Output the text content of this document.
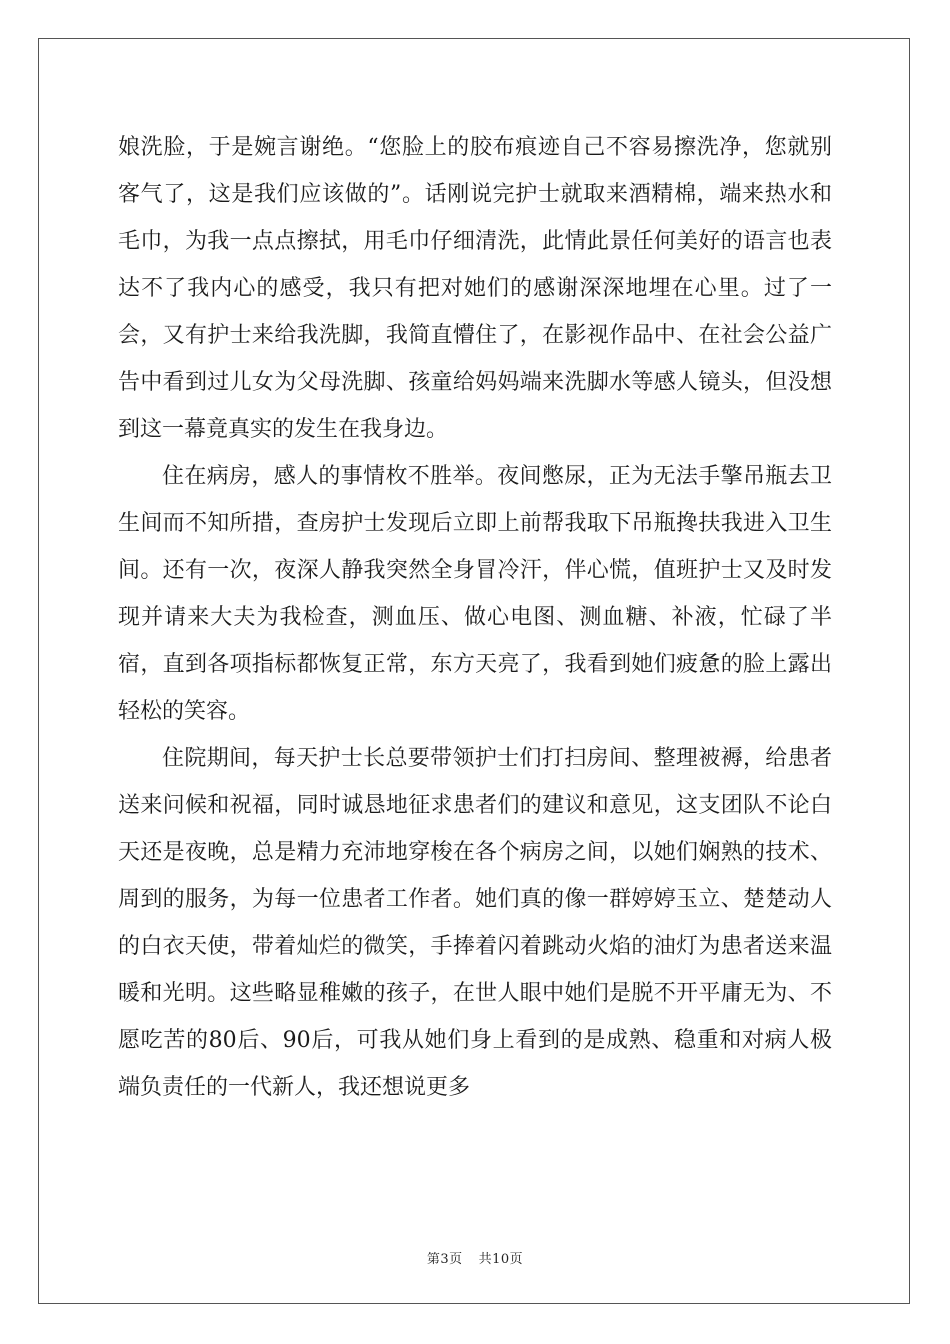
娘洗脸，于是婉言谢绝。“您脸上的胶布痕迹自己不容易擦洗净，您就别客气了，这是我们应该做的”。话刚说完护士就取来酒精棉，端来热水和毛巾，为我一点点擦拭，用毛巾仔细清洗，此情此景任何美好的语言也表达不了我内心的感受，我只有把对她们的感谢深深地埋在心里。过了一会，又有护士来给我洗脚，我简直懵住了，在影视作品中、在社会公益广告中看到过儿女为父母洗脚、孩童给妈妈端来洗脚水等感人镜头，但没想到这一幕竟真实的发生在我身边。

住在病房，感人的事情枚不胜举。夜间憋尿，正为无法手擎吊瓶去卫生间而不知所措，查房护士发现后立即上前帮我取下吊瓶搀扶我进入卫生间。还有一次，夜深人静我突然全身冒冷汗，伴心慌，值班护士又及时发现并请来大夫为我检查，测血压、做心电图、测血糖、补液，忙碌了半宿，直到各项指标都恢复正常，东方天亮了，我看到她们疲惫的脸上露出轻松的笑容。

住院期间，每天护士长总要带领护士们打扫房间、整理被褥，给患者送来问候和祝福，同时诚恳地征求患者们的建议和意见，这支团队不论白天还是夜晚，总是精力充沛地穿梭在各个病房之间，以她们娴熟的技术、周到的服务，为每一位患者工作者。她们真的像一群婷婷玉立、楚楚动人的白衣天使，带着灿烂的微笑，手捧着闪着跳动火焰的油灯为患者送来温暖和光明。这些略显稚嫩的孩子，在世人眼中她们是脱不开平庸无为、不愿吃苦的80后、90后，可我从她们身上看到的是成熟、稳重和对病人极端负责任的一代新人，我还想说更多

第3页 共10页
